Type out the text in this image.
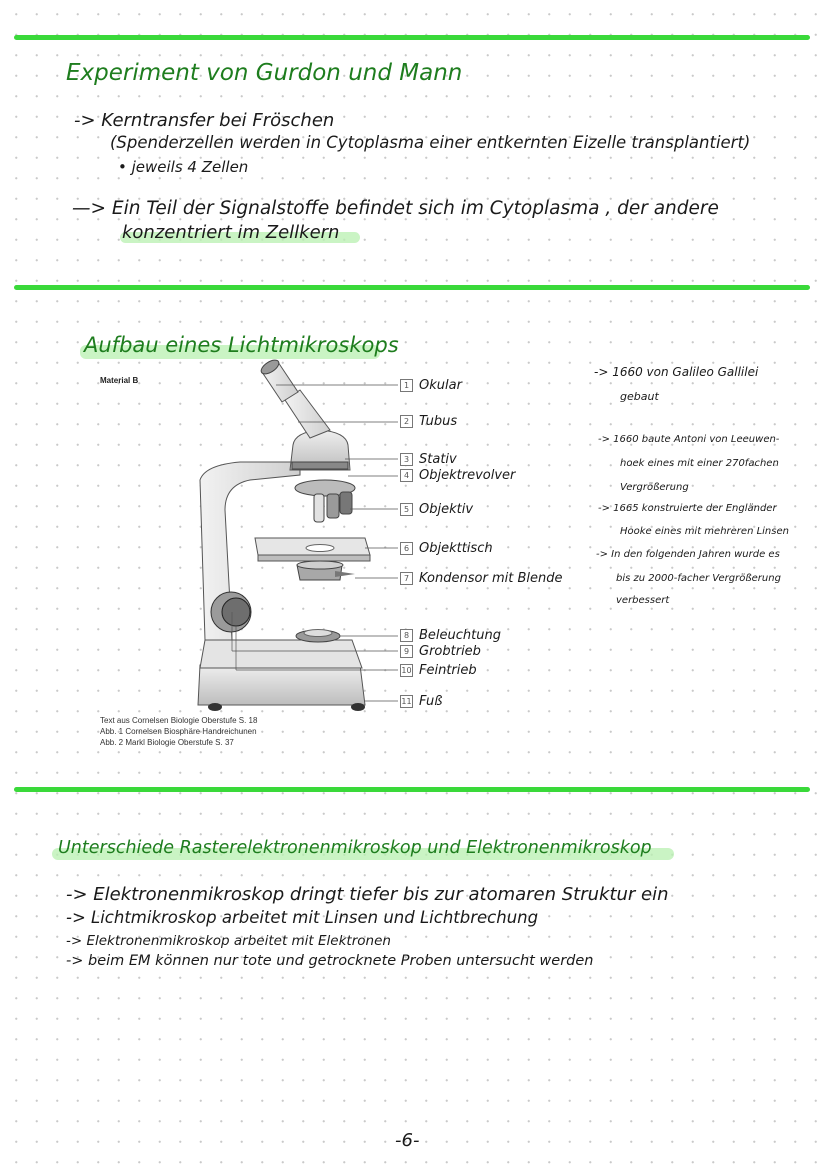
Experiment von Gurdon und Mann
-> Kerntransfer bei Fröschen
(Spenderzellen werden in Cytoplasma einer entkernten Eizelle transplantiert)
• jeweils 4 Zellen
—> Ein Teil der Signalstoffe befindet sich im Cytoplasma , der andere
konzentriert im Zellkern
Aufbau eines Lichtmikroskops
Material B
1 Okular
2 Tubus
3 Stativ
4 Objektrevolver
5 Objektiv
6 Objekttisch
7 Kondensor mit Blende
8 Beleuchtung
9 Grobtrieb
10 Feintrieb
11 Fuß
Text aus Cornelsen Biologie Oberstufe S. 18
Abb. 1 Cornelsen Biosphäre Handreichunen
Abb. 2 Markl Biologie Oberstufe S. 37
-> 1660 von Galileo Gallilei
gebaut
-> 1660 baute Antoni von Leeuwen-
hoek eines mit einer 270fachen
Vergrößerung
-> 1665 konstruierte der Engländer
Hooke eines mit mehreren Linsen
-> In den folgenden Jahren wurde es
bis zu 2000-facher Vergrößerung
verbessert
Unterschiede Rasterelektronenmikroskop und Elektronenmikroskop
-> Elektronenmikroskop dringt tiefer bis zur atomaren Struktur ein
-> Lichtmikroskop arbeitet mit Linsen und Lichtbrechung
-> Elektronenmikroskop arbeitet mit Elektronen
-> beim EM können nur tote und getrocknete Proben untersucht werden
-6-
